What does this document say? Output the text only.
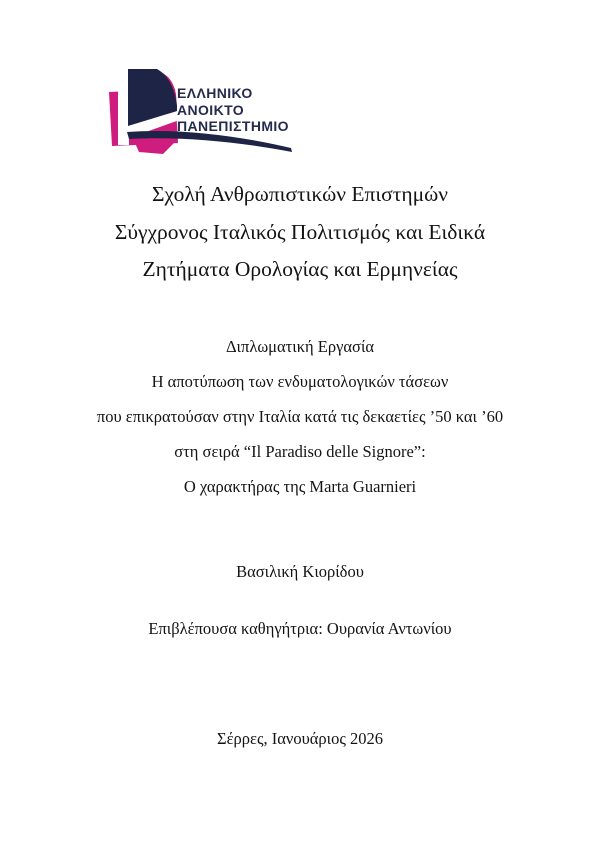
ΕΛΛΗΝΙΚΟ
ΑΝΟΙΚΤΟ
ΠΑΝΕΠΙΣΤΗΜΙΟ
Σχολή Ανθρωπιστικών Επιστημών
Σύγχρονος Ιταλικός Πολιτισμός και Ειδικά
Ζητήματα Ορολογίας και Ερμηνείας
Διπλωματική Εργασία
Η αποτύπωση των ενδυματολογικών τάσεων
που επικρατούσαν στην Ιταλία κατά τις δεκαετίες ’50 και ’60
στη σειρά “Il Paradiso delle Signore”:
Ο χαρακτήρας της Marta Guarnieri
Βασιλική Κιορίδου
Επιβλέπουσα καθηγήτρια: Ουρανία Αντωνίου
Σέρρες, Ιανουάριος 2026
